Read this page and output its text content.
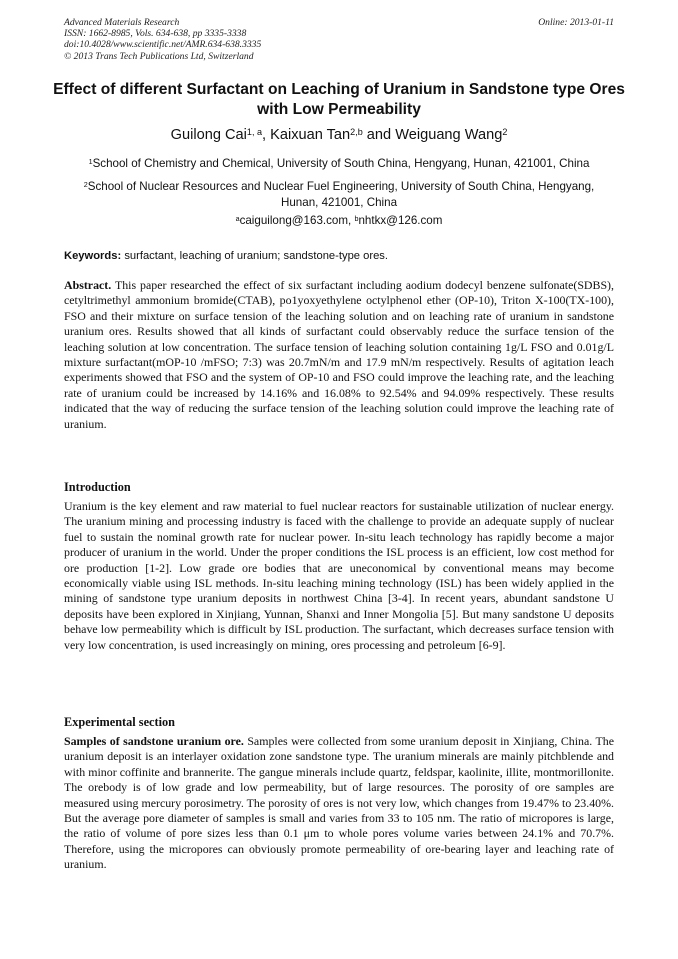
Advanced Materials Research
ISSN: 1662-8985, Vols. 634-638, pp 3335-3338
doi:10.4028/www.scientific.net/AMR.634-638.3335
© 2013 Trans Tech Publications Ltd, Switzerland
Online: 2013-01-11
Effect of different Surfactant on Leaching of Uranium in Sandstone type Ores with Low Permeability
Guilong Cai$^{1, a}$, Kaixuan Tan$^{2,b}$ and Weiguang Wang$^2$
$^1$School of Chemistry and Chemical, University of South China, Hengyang, Hunan, 421001, China
$^2$School of Nuclear Resources and Nuclear Fuel Engineering, University of South China, Hengyang, Hunan, 421001, China
$^a$caiguilong@163.com, $^b$nhtkx@126.com
Keywords: surfactant, leaching of uranium; sandstone-type ores.
Abstract. This paper researched the effect of six surfactant including aodium dodecyl benzene sulfonate(SDBS), cetyltrimethyl ammonium bromide(CTAB), po1yoxyethylene octylphenol ether (OP-10), Triton X-100(TX-100), FSO and their mixture on surface tension of the leaching solution and on leaching rate of uranium in sandstone uranium ores. Results showed that all kinds of surfactant could observably reduce the surface tension of the leaching solution at low concentration. The surface tension of leaching solution containing 1g/L FSO and 0.01g/L mixture surfactant(mOP-10 /mFSO; 7:3) was 20.7mN/m and 17.9 mN/m respectively. Results of agitation leach experiments showed that FSO and the system of OP-10 and FSO could improve the leaching rate, and the leaching rate of uranium could be increased by 14.16% and 16.08% to 92.54% and 94.09% respectively. These results indicated that the way of reducing the surface tension of the leaching solution could improve the leaching rate of uranium.
Introduction
Uranium is the key element and raw material to fuel nuclear reactors for sustainable utilization of nuclear energy. The uranium mining and processing industry is faced with the challenge to provide an adequate supply of nuclear fuel to sustain the nominal growth rate for nuclear power. In-situ leach technology has rapidly become a major producer of uranium in the world. Under the proper conditions the ISL process is an efficient, low cost method for ore production [1-2]. Low grade ore bodies that are uneconomical by conventional means may become economically viable using ISL methods. In-situ leaching mining technology (ISL) has been widely applied in the mining of sandstone type uranium deposits in northwest China [3-4]. In recent years, abundant sandstone U deposits have been explored in Xinjiang, Yunnan, Shanxi and Inner Mongolia [5]. But many sandstone U deposits behave low permeability which is difficult by ISL production. The surfactant, which decreases surface tension with very low concentration, is used increasingly on mining, ores processing and petroleum [6-9].
Experimental section
Samples of sandstone uranium ore. Samples were collected from some uranium deposit in Xinjiang, China. The uranium deposit is an interlayer oxidation zone sandstone type. The uranium minerals are mainly pitchblende and with minor coffinite and brannerite. The gangue minerals include quartz, feldspar, kaolinite, illite, montmorillonite. The orebody is of low grade and low permeability, but of large resources. The porosity of ore samples are measured using mercury porosimetry. The porosity of ores is not very low, which changes from 19.47% to 23.40%. But the average pore diameter of samples is small and varies from 33 to 105 nm. The ratio of micropores is large, the ratio of volume of pore sizes less than 0.1 μm to whole pores volume varies between 24.1% and 70.7%. Therefore, using the micropores can obviously promote permeability of ore-bearing layer and leaching rate of uranium.
